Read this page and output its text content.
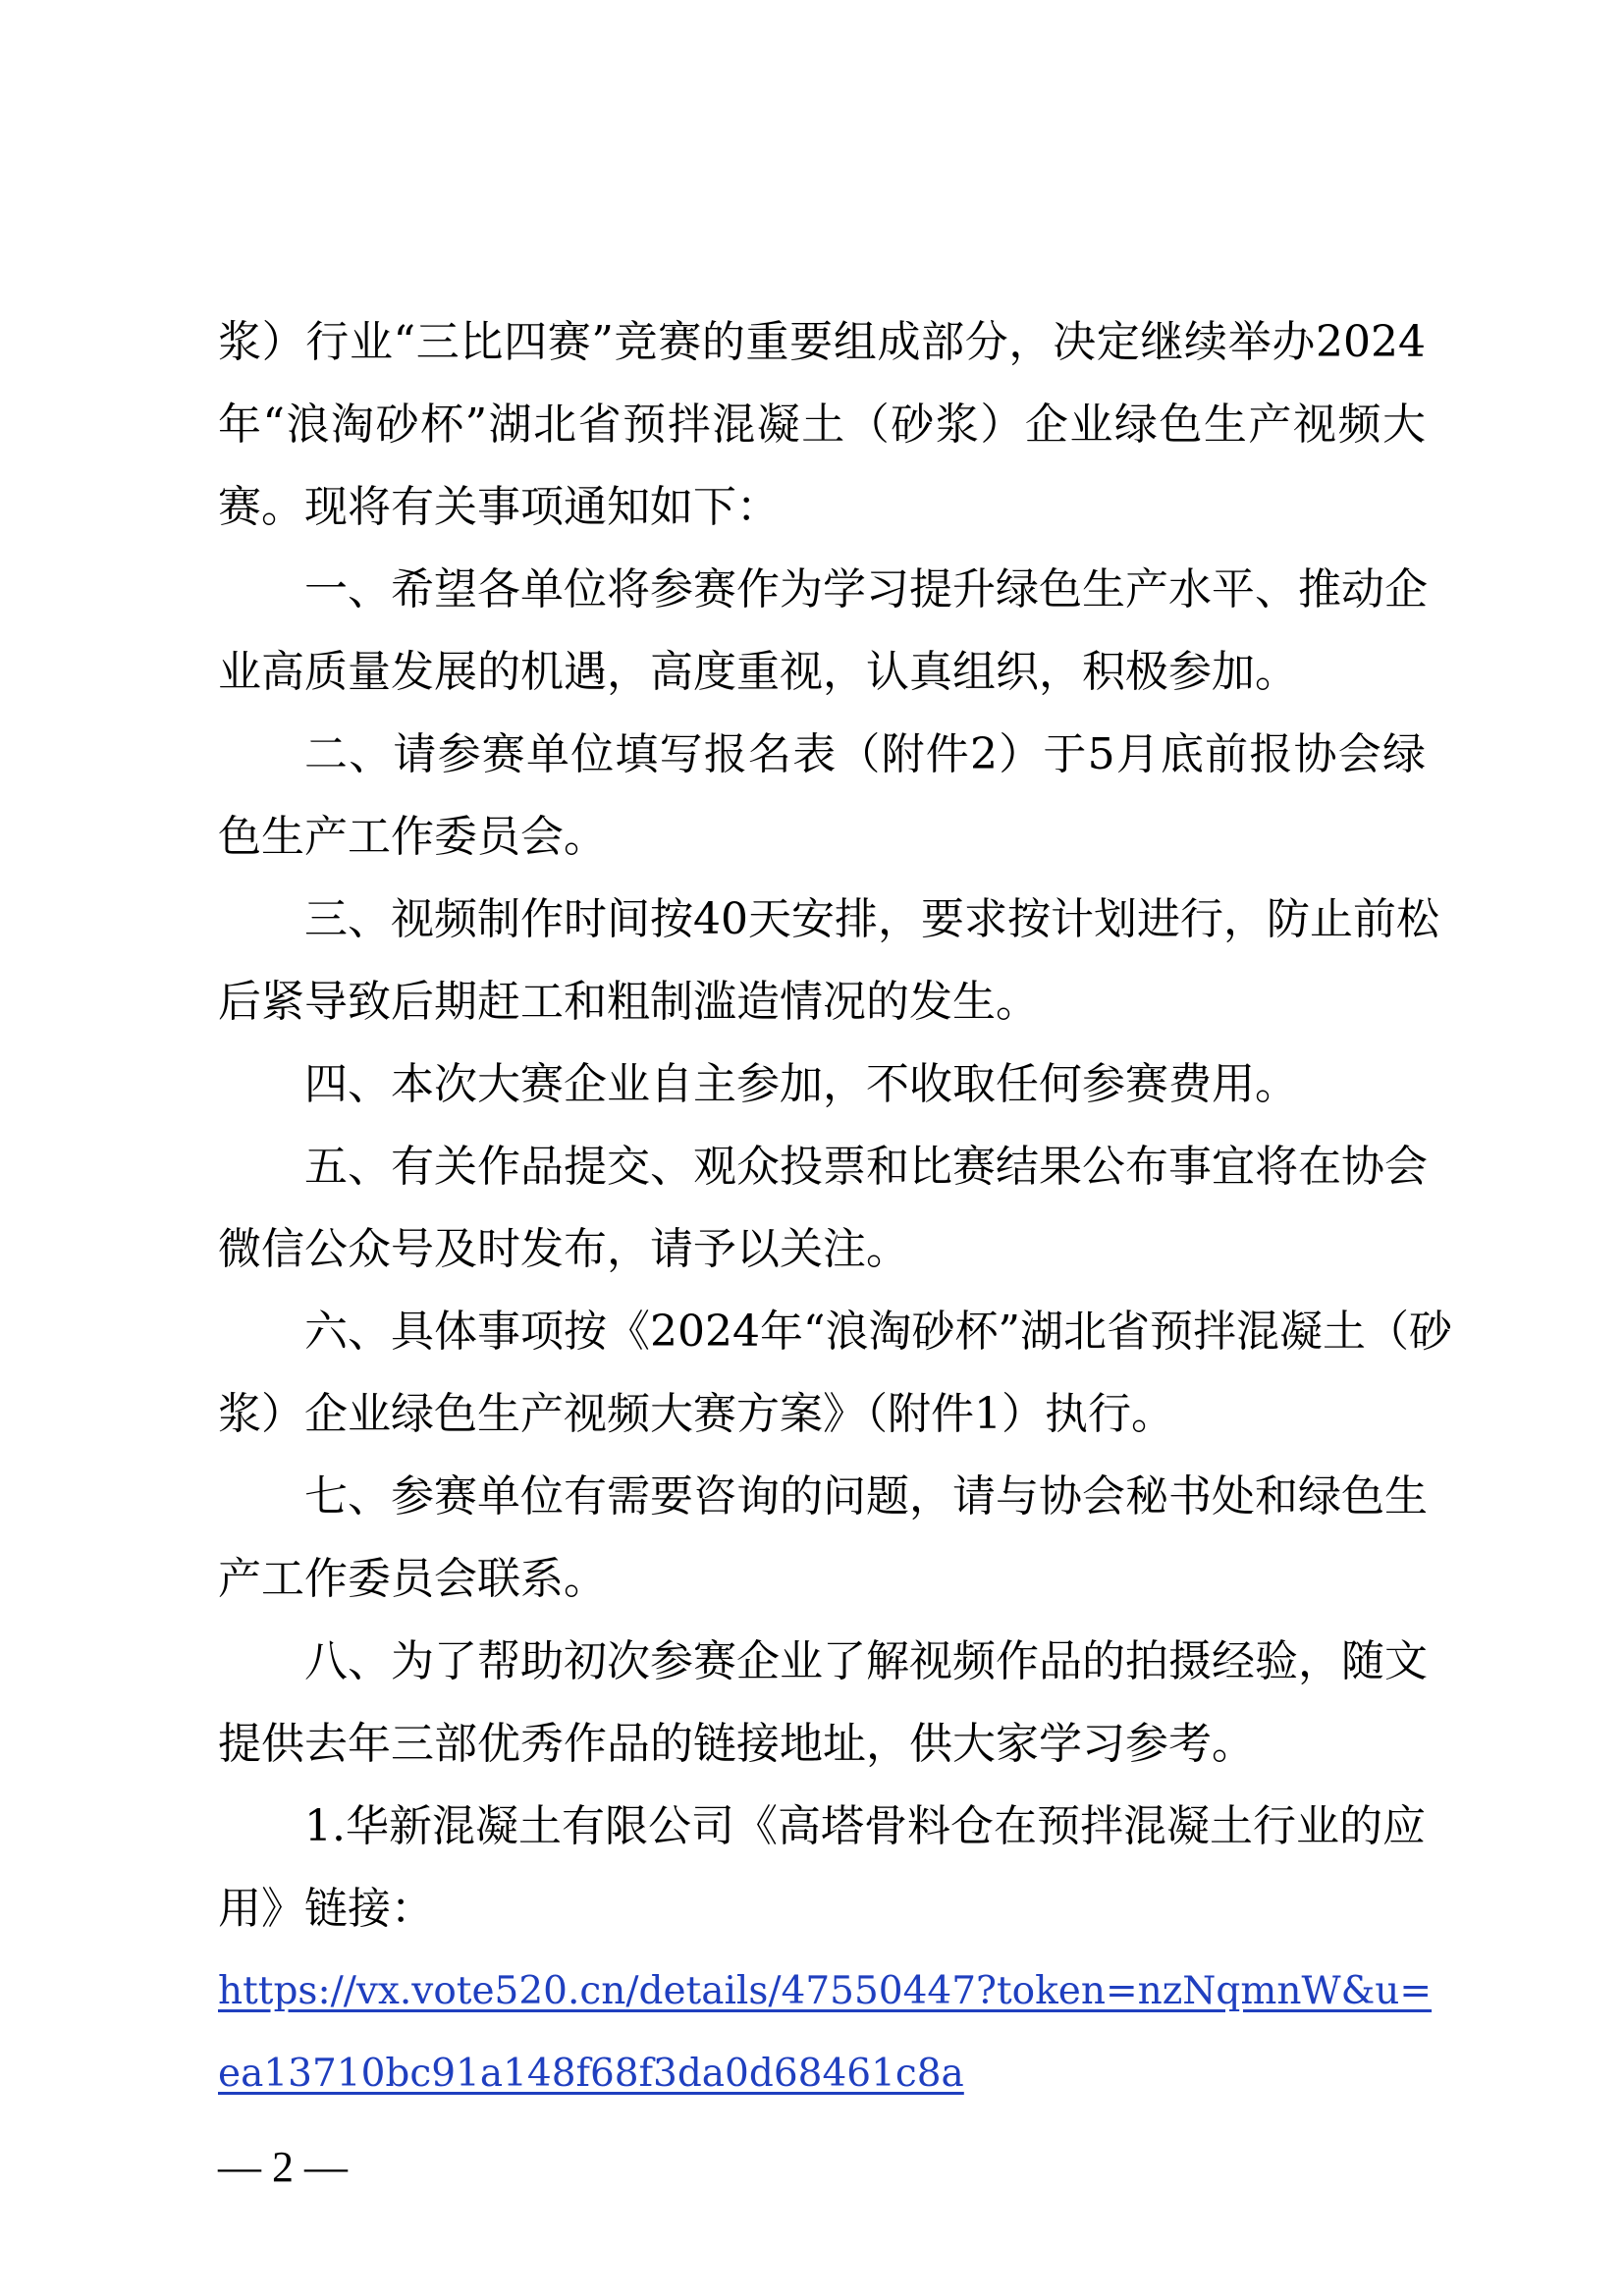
浆）行业“三比四赛”竞赛的重要组成部分，决定继续举办2024
年“浪淘砂杯”湖北省预拌混凝土（砂浆）企业绿色生产视频大
赛。现将有关事项通知如下：
一、希望各单位将参赛作为学习提升绿色生产水平、推动企
业高质量发展的机遇，高度重视，认真组织，积极参加。
二、请参赛单位填写报名表（附件2）于5月底前报协会绿
色生产工作委员会。
三、视频制作时间按40天安排，要求按计划进行，防止前松
后紧导致后期赶工和粗制滥造情况的发生。
四、本次大赛企业自主参加，不收取任何参赛费用。
五、有关作品提交、观众投票和比赛结果公布事宜将在协会
微信公众号及时发布，请予以关注。
六、具体事项按《2024年“浪淘砂杯”湖北省预拌混凝土（砂
浆）企业绿色生产视频大赛方案》（附件1）执行。
七、参赛单位有需要咨询的问题，请与协会秘书处和绿色生
产工作委员会联系。
八、为了帮助初次参赛企业了解视频作品的拍摄经验，随文
提供去年三部优秀作品的链接地址，供大家学习参考。
1.华新混凝土有限公司《高塔骨料仓在预拌混凝土行业的应
用》链接：
https://vx.vote520.cn/details/47550447?token=nzNqmnW&u=
ea13710bc91a148f68f3da0d68461c8a
— 2 —
